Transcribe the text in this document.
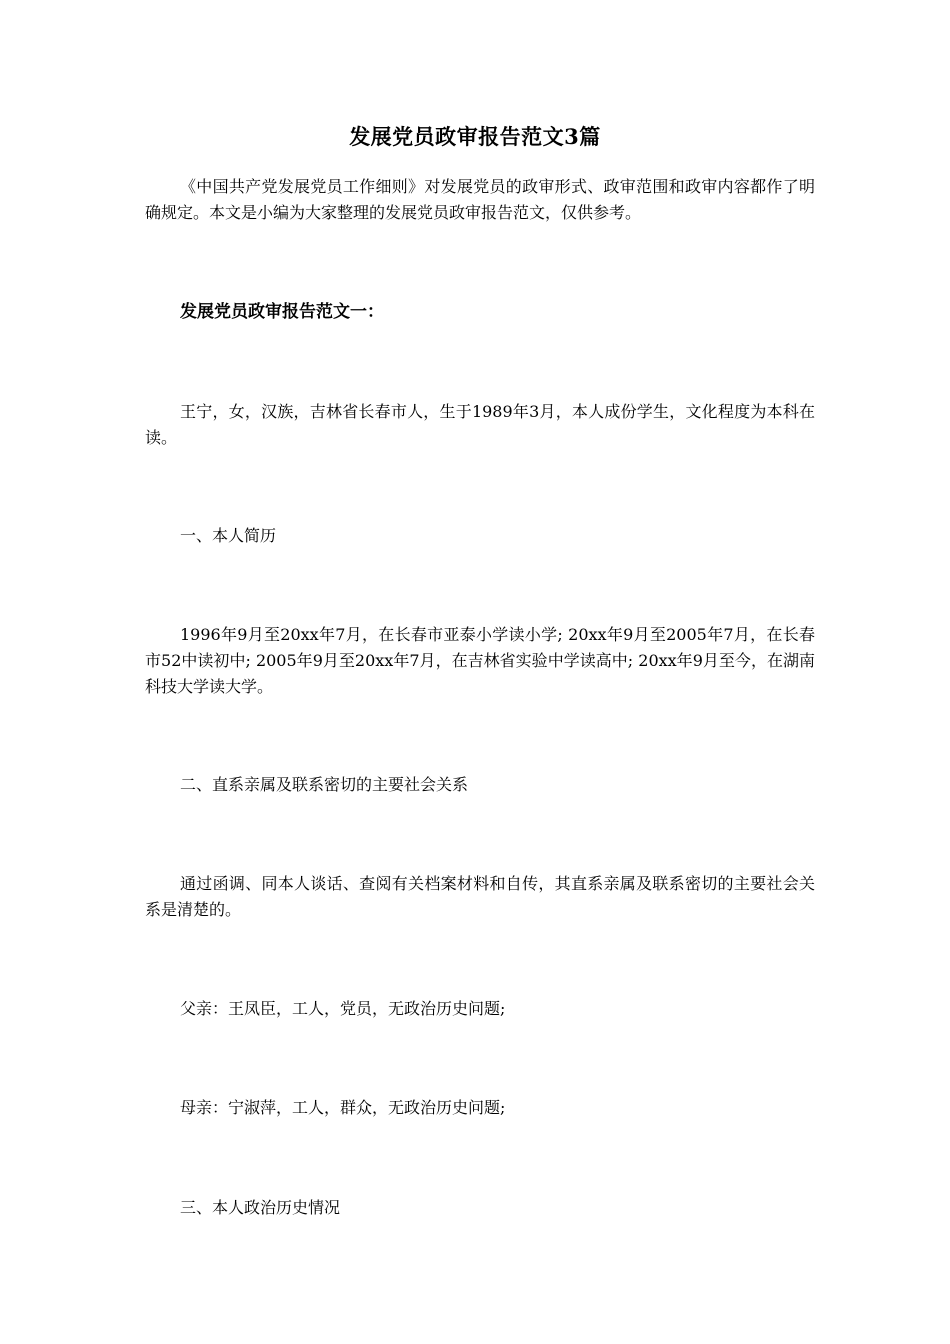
发展党员政审报告范文3篇
《中国共产党发展党员工作细则》对发展党员的政审形式、政审范围和政审内容都作了明确规定。本文是小编为大家整理的发展党员政审报告范文，仅供参考。
发展党员政审报告范文一：
王宁，女，汉族，吉林省长春市人，生于1989年3月，本人成份学生，文化程度为本科在读。
一、本人简历
1996年9月至20xx年7月，在长春市亚泰小学读小学; 20xx年9月至2005年7月，在长春市52中读初中; 2005年9月至20xx年7月，在吉林省实验中学读高中; 20xx年9月至今，在湖南科技大学读大学。
二、直系亲属及联系密切的主要社会关系
通过函调、同本人谈话、查阅有关档案材料和自传，其直系亲属及联系密切的主要社会关系是清楚的。
父亲：王凤臣，工人，党员，无政治历史问题;
母亲：宁淑萍，工人，群众，无政治历史问题;
三、本人政治历史情况
